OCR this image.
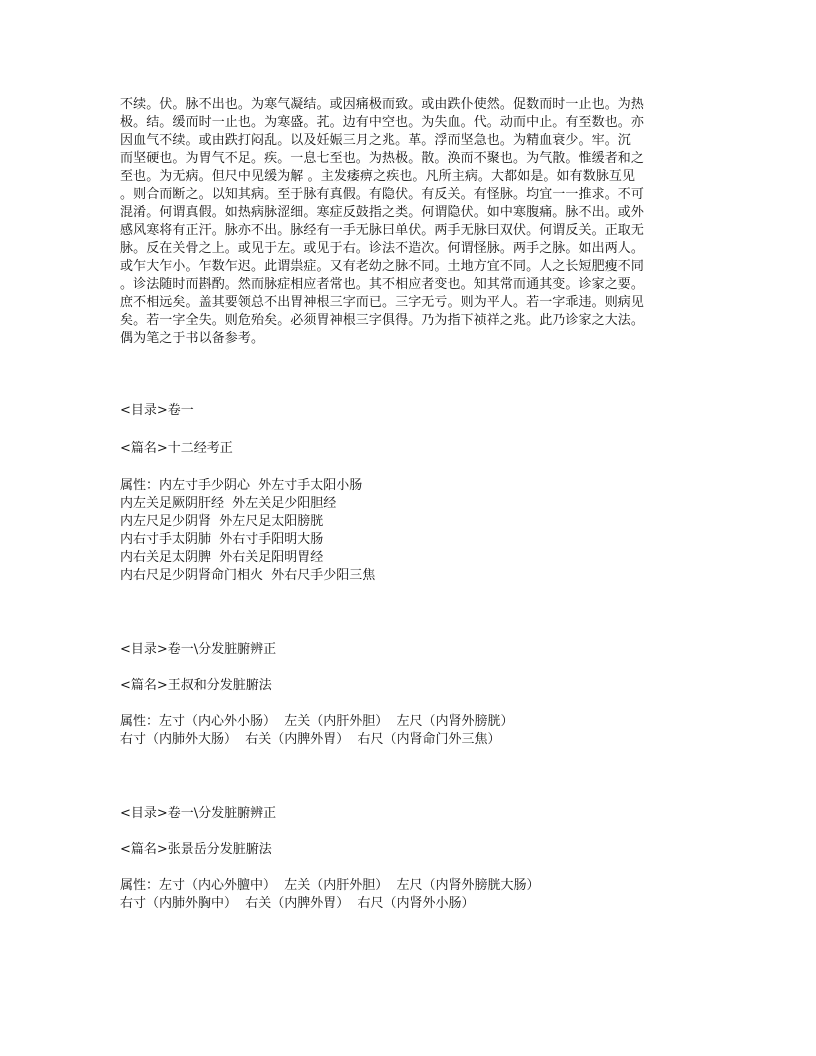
不续。伏。脉不出也。为寒气凝结。或因痛极而致。或由跌仆使然。促数而时一止也。为热
极。结。缓而时一止也。为寒盛。芤。边有中空也。为失血。代。动而中止。有至数也。亦
因血气不续。或由跌打闷乱。以及妊娠三月之兆。革。浮而坚急也。为精血衰少。牢。沉
而坚硬也。为胃气不足。疾。一息七至也。为热极。散。涣而不聚也。为气散。惟缓者和之
至也。为无病。但尺中见缓为解 。主发痿痹之疾也。凡所主病。大都如是。如有数脉互见
。则合而断之。以知其病。至于脉有真假。有隐伏。有反关。有怪脉。均宜一一推求。不可
混淆。何谓真假。如热病脉涩细。寒症反鼓指之类。何谓隐伏。如中寒腹痛。脉不出。或外
感风寒将有正汗。脉亦不出。脉经有一手无脉曰单伏。两手无脉曰双伏。何谓反关。正取无
脉。反在关骨之上。或见于左。或见于右。诊法不造次。何谓怪脉。两手之脉。如出两人。
或乍大乍小。乍数乍迟。此谓祟症。又有老幼之脉不同。土地方宜不同。人之长短肥瘦不同
。诊法随时而斟酌。然而脉症相应者常也。其不相应者变也。知其常而通其变。诊家之要。
庶不相远矣。盖其要领总不出胃神根三字而已。三字无亏。则为平人。若一字乖违。则病见
矣。若一字全失。则危殆矣。必须胃神根三字俱得。乃为指下祯祥之兆。此乃诊家之大法。
偶为笔之于书以备参考。
<目录>卷一
<篇名>十二经考正
属性：内左寸手少阴心  外左寸手太阳小肠
内左关足厥阴肝经  外左关足少阳胆经
内左尺足少阴肾  外左尺足太阳膀胱
内右寸手太阴肺  外右寸手阳明大肠
内右关足太阴脾  外右关足阳明胃经
内右尺足少阴肾命门相火  外右尺手少阳三焦
<目录>卷一\分发脏腑辨正
<篇名>王叔和分发脏腑法
属性：左寸（内心外小肠）  左关（内肝外胆）  左尺（内肾外膀胱）
右寸（内肺外大肠）  右关（内脾外胃）  右尺（内肾命门外三焦）
<目录>卷一\分发脏腑辨正
<篇名>张景岳分发脏腑法
属性：左寸（内心外膻中）  左关（内肝外胆）  左尺（内肾外膀胱大肠）
右寸（内肺外胸中）  右关（内脾外胃）  右尺（内肾外小肠）
